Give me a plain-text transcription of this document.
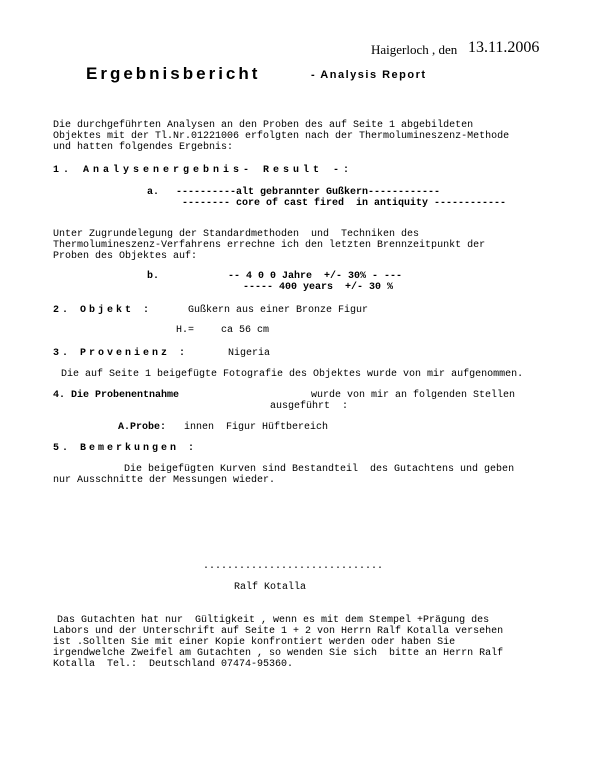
Haigerloch , den 13.11.2006
Ergebnisbericht	- Analysis Report
Die durchgeführten Analysen an den Proben des auf Seite 1 abgebildeten
Objektes mit der Tl.Nr.01221006 erfolgten nach der Thermolumineszenz-Methode
und hatten folgendes Ergebnis:
1. Analysenergebnis- Result -:
a. ----------alt gebrannter Gußkern------------
-------- core of cast fired  in antiquity ------------
Unter Zugrundelegung der Standardmethoden  und  Techniken des
Thermolumineszenz-Verfahrens errechne ich den letzten Brennzeitpunkt der
Proben des Objektes auf:
b.	-- 4 0 0 Jahre  +/- 30% - ---
----- 400 years  +/- 30 %
2. Objekt :	Gußkern aus einer Bronze Figur
H.=	ca 56 cm
3. Provenienz :	Nigeria
Die auf Seite 1 beigefügte Fotografie des Objektes wurde von mir aufgenommen.
4. Die Probenentnahme	wurde von mir an folgenden Stellen
ausgeführt  :
A.Probe: innen  Figur Hüftbereich
5. Bemerkungen :
Die beigefügten Kurven sind Bestandteil  des Gutachtens und geben
nur Ausschnitte der Messungen wieder.
..............................
Ralf Kotalla
Das Gutachten hat nur  Gültigkeit , wenn es mit dem Stempel +Prägung des
Labors und der Unterschrift auf Seite 1 + 2 von Herrn Ralf Kotalla versehen
ist .Sollten Sie mit einer Kopie konfrontiert werden oder haben Sie
irgendwelche Zweifel am Gutachten , so wenden Sie sich  bitte an Herrn Ralf
Kotalla  Tel.:  Deutschland 07474-95360.
